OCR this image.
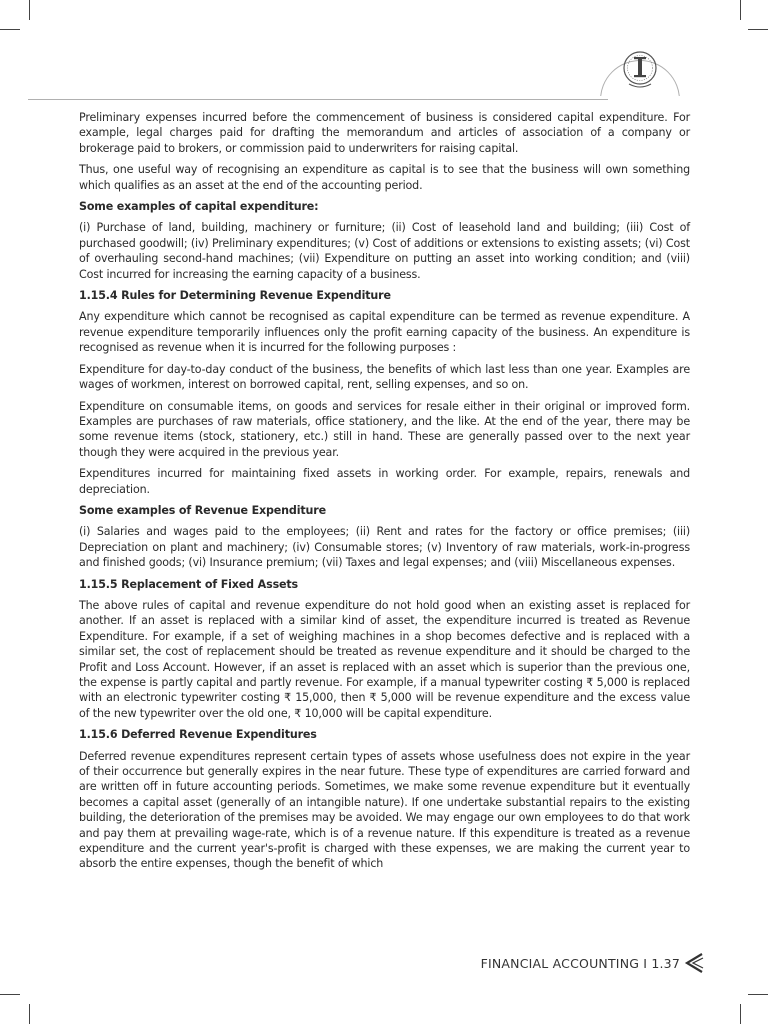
Preliminary expenses incurred before the commencement of business is considered capital expenditure. For example, legal charges paid for drafting the memorandum and articles of association of a company or brokerage paid to brokers, or commission paid to underwriters for raising capital.

Thus, one useful way of recognising an expenditure as capital is to see that the business will own something which qualifies as an asset at the end of the accounting period.

Some examples of capital expenditure:

(i) Purchase of land, building, machinery or furniture; (ii) Cost of leasehold land and building; (iii) Cost of purchased goodwill; (iv) Preliminary expenditures; (v) Cost of additions or extensions to existing assets; (vi) Cost of overhauling second-hand machines; (vii) Expenditure on putting an asset into working condition; and (viii) Cost incurred for increasing the earning capacity of a business.

1.15.4 Rules for Determining Revenue Expenditure

Any expenditure which cannot be recognised as capital expenditure can be termed as revenue expenditure. A revenue expenditure temporarily influences only the profit earning capacity of the business. An expenditure is recognised as revenue when it is incurred for the following purposes :

Expenditure for day-to-day conduct of the business, the benefits of which last less than one year. Examples are wages of workmen, interest on borrowed capital, rent, selling expenses, and so on.

Expenditure on consumable items, on goods and services for resale either in their original or improved form. Examples are purchases of raw materials, office stationery, and the like. At the end of the year, there may be some revenue items (stock, stationery, etc.) still in hand. These are generally passed over to the next year though they were acquired in the previous year.

Expenditures incurred for maintaining fixed assets in working order. For example, repairs, renewals and depreciation.

Some examples of Revenue Expenditure

(i) Salaries and wages paid to the employees; (ii) Rent and rates for the factory or office premises; (iii) Depreciation on plant and machinery; (iv) Consumable stores; (v) Inventory of raw materials, work-in-progress and finished goods; (vi) Insurance premium; (vii) Taxes and legal expenses; and (viii) Miscellaneous expenses.

1.15.5 Replacement of Fixed Assets

The above rules of capital and revenue expenditure do not hold good when an existing asset is replaced for another. If an asset is replaced with a similar kind of asset, the expenditure incurred is treated as Revenue Expenditure. For example, if a set of weighing machines in a shop becomes defective and is replaced with a similar set, the cost of replacement should be treated as revenue expenditure and it should be charged to the Profit and Loss Account. However, if an asset is replaced with an asset which is superior than the previous one, the expense is partly capital and partly revenue. For example, if a manual typewriter costing ₹ 5,000 is replaced with an electronic typewriter costing ₹ 15,000, then ₹ 5,000 will be revenue expenditure and the excess value of the new typewriter over the old one, ₹ 10,000 will be capital expenditure.

1.15.6 Deferred Revenue Expenditures

Deferred revenue expenditures represent certain types of assets whose usefulness does not expire in the year of their occurrence but generally expires in the near future. These type of expenditures are carried forward and are written off in future accounting periods. Sometimes, we make some revenue expenditure but it eventually becomes a capital asset (generally of an intangible nature). If one undertake substantial repairs to the existing building, the deterioration of the premises may be avoided. We may engage our own employees to do that work and pay them at prevailing wage-rate, which is of a revenue nature. If this expenditure is treated as a revenue expenditure and the current year's-profit is charged with these expenses, we are making the current year to absorb the entire expenses, though the benefit of which

FINANCIAL ACCOUNTING I 1.37
